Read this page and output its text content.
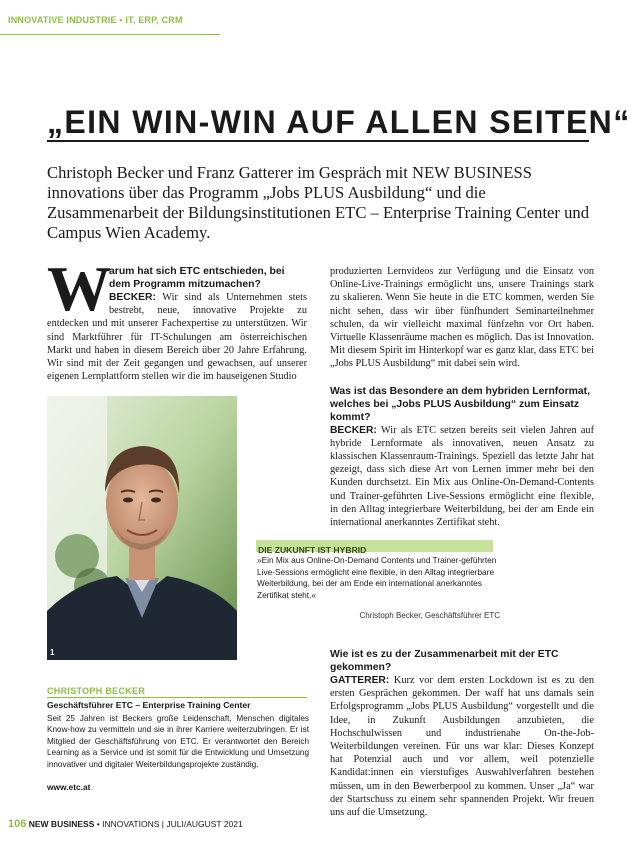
INNOVATIVE INDUSTRIE • IT, ERP, CRM
„EIN WIN-WIN AUF ALLEN SEITEN“
Christoph Becker und Franz Gatterer im Gespräch mit NEW BUSINESS innovations über das Programm „Jobs PLUS Ausbildung“ und die Zusammenarbeit der Bildungsinstitutionen ETC – Enterprise Training Center und Campus Wien Academy.
W

arum hat sich ETC entschieden, bei dem Programm mitzumachen?

BECKER: Wir sind als Unternehmen stets bestrebt, neue, innovative Projekte zu entdecken und mit unserer Fachexpertise zu unterstützen. Wir sind Marktführer für IT-Schulungen am österreichischen Markt und haben in diesem Bereich über 20 Jahre Erfahrung. Wir sind mit der Zeit gegangen und gewachsen, auf unserer eigenen Lernplattform stellen wir die im hauseigenen Studio

1
CHRISTOPH BECKER
Geschäftsführer ETC – Enterprise Training Center
Seit 25 Jahren ist Beckers große Leidenschaft, Menschen digitales Know-how zu vermitteln und sie in ihrer Karriere weiterzubringen. Er ist Mitglied der Geschäftsführung von ETC. Er verantwortet den Bereich Learning as a Service und ist somit für die Entwicklung und Umsetzung innovativer und digitaler Weiterbildungsprojekte zuständig.
www.etc.at

produzierten Lernvideos zur Verfügung und die Einsatz von Online-Live-Trainings ermöglicht uns, unsere Trainings stark zu skalieren. Wenn Sie heute in die ETC kommen, werden Sie nicht sehen, dass wir über fünfhundert Seminarteilnehmer schulen, da wir vielleicht maximal fünfzehn vor Ort haben. Virtuelle Klassenräume machen es möglich. Das ist Innovation. Mit diesem Spirit im Hinterkopf war es ganz klar, dass ETC bei „Jobs PLUS Ausbildung“ mit dabei sein wird.

Was ist das Besondere an dem hybriden Lernformat, welches bei „Jobs PLUS Ausbildung“ zum Einsatz kommt?

BECKER: Wir als ETC setzen bereits seit vielen Jahren auf hybride Lernformate als innovativen, neuen Ansatz zu klassischen Klassenraum-Trainings. Speziell das letzte Jahr hat gezeigt, dass sich diese Art von Lernen immer mehr bei den Kunden durchsetzt. Ein Mix aus Online-On-Demand-Contents und Trainer-geführten Live-Sessions ermöglicht eine flexible, in den Alltag integrierbare Weiterbildung, bei der am Ende ein international anerkanntes Zertifikat steht.

DIE ZUKUNFT IST HYBRID
»Ein Mix aus Online-On-Demand Contents und Trainer-geführten Live-Sessions ermöglicht eine flexible, in den Alltag integrierbare Weiterbildung, bei der am Ende ein international anerkanntes Zertifikat steht.«
Christoph Becker, Geschäftsführer ETC

Wie ist es zu der Zusammenarbeit mit der ETC gekommen?

GATTERER: Kurz vor dem ersten Lockdown ist es zu den ersten Gesprächen gekommen. Der waff hat uns damals sein Erfolgsprogramm „Jobs PLUS Ausbildung“ vorgestellt und die Idee, in Zukunft Ausbildungen anzubieten, die Hochschulwissen und industrienahe On-the-Job-Weiterbildungen vereinen. Für uns war klar: Dieses Konzept hat Potenzial auch und vor allem, weil potenzielle Kandidat:innen ein vierstufiges Auswahlverfahren bestehen müssen, um in den Bewerberpool zu kommen. Unser „Ja“ war der Startschuss zu einem sehr spannenden Projekt. Wir freuen uns auf die Umsetzung.

106 NEW BUSINESS • INNOVATIONS | JULI/AUGUST 2021
